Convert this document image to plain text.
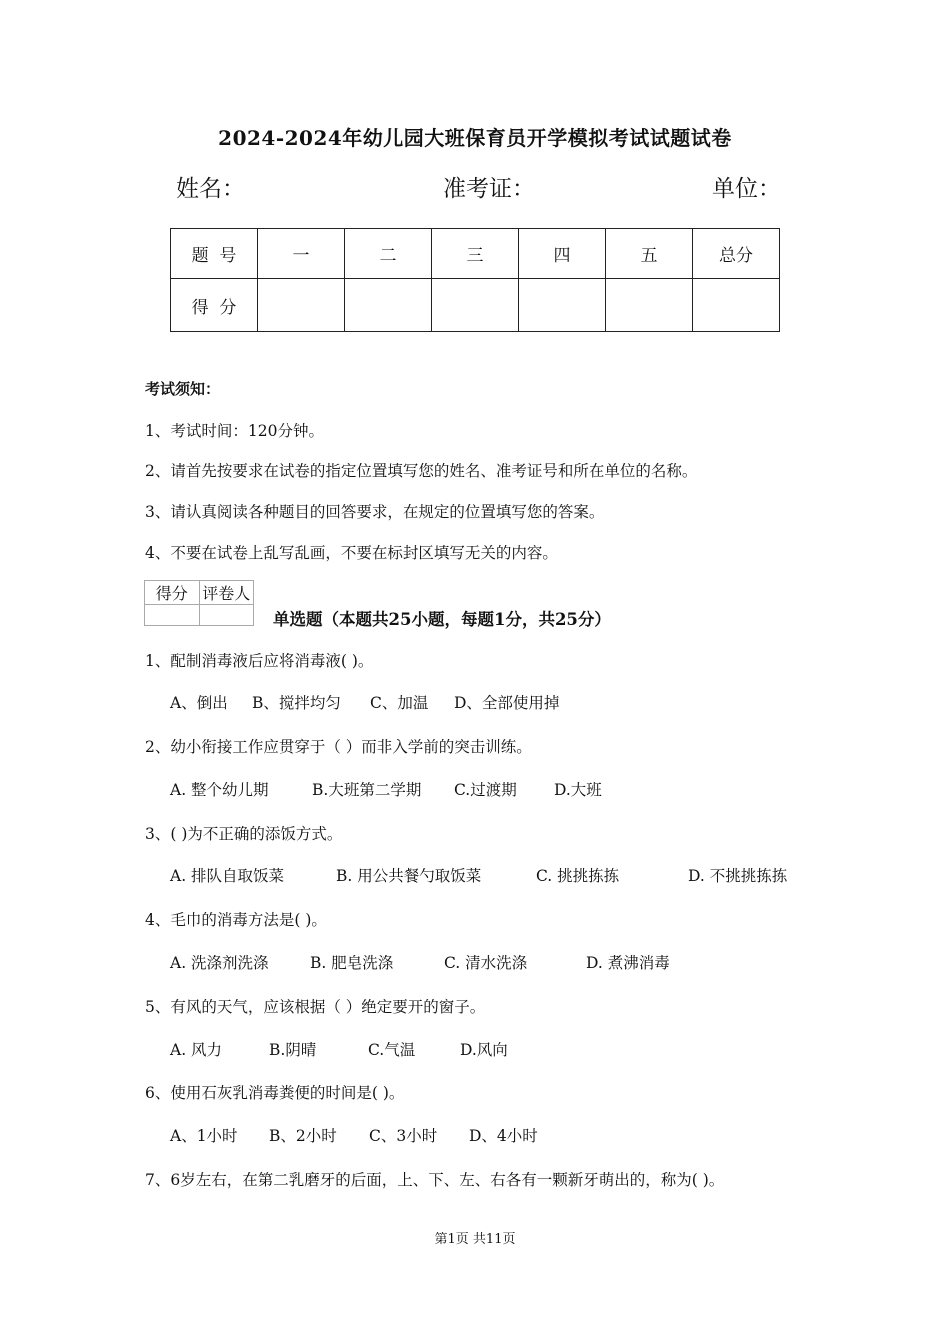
2024-2024年幼儿园大班保育员开学模拟考试试题试卷
姓名：	准考证：	单位：
题  号	一	二	三	四	五	总分
得  分						
考试须知：
1、考试时间：120分钟。
2、请首先按要求在试卷的指定位置填写您的姓名、准考证号和所在单位的名称。
3、请认真阅读各种题目的回答要求，在规定的位置填写您的答案。
4、不要在试卷上乱写乱画，不要在标封区填写无关的内容。
得分	评卷人

单选题（本题共25小题，每题1分，共25分）
1、配制消毒液后应将消毒液( )。
A、倒出 B、搅拌均匀 C、加温 D、全部使用掉
2、幼小衔接工作应贯穿于（ ）而非入学前的突击训练。
A. 整个幼儿期	B.大班第二学期 C.过渡期 D.大班
3、( )为不正确的添饭方式。
A. 排队自取饭菜	B. 用公共餐勺取饭菜	C. 挑挑拣拣	D. 不挑挑拣拣
4、毛巾的消毒方法是( )。
A. 洗涤剂洗涤	B. 肥皂洗涤	C. 清水洗涤	D. 煮沸消毒
5、有风的天气，应该根据（ ）绝定要开的窗子。
A. 风力	B.阴晴	C.气温	D.风向
6、使用石灰乳消毒粪便的时间是( )。
A、1小时 B、2小时 C、3小时 D、4小时
7、6岁左右，在第二乳磨牙的后面，上、下、左、右各有一颗新牙萌出的，称为( )。
第1页 共11页
